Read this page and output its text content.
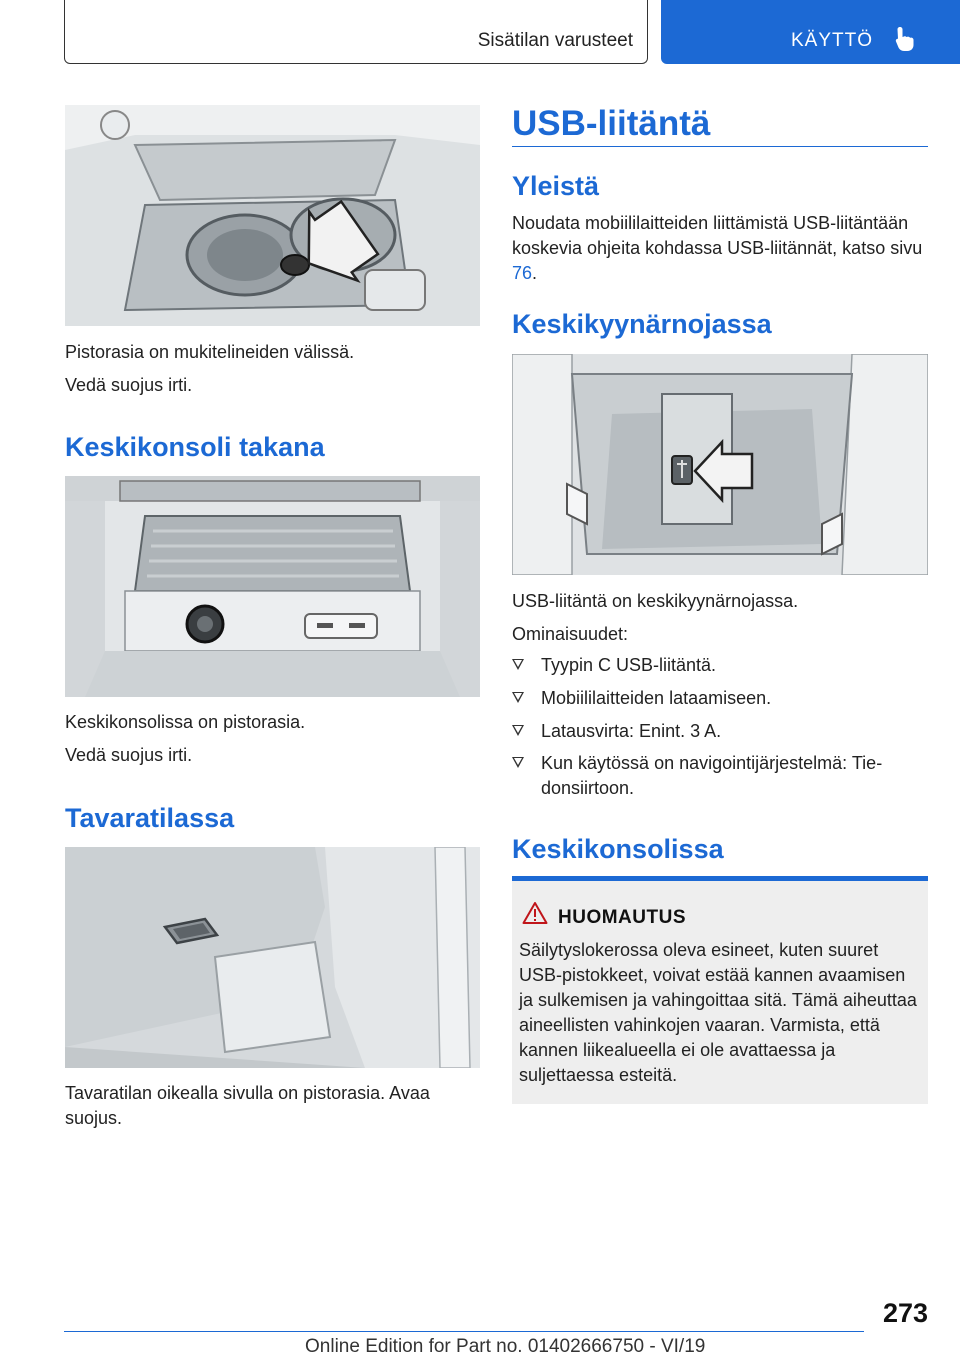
Sisätilan varusteet	KÄYTTÖ

Pistorasia on mukitelineiden välissä.

Vedä suojus irti.

Keskikonsoli takana

Keskikonsolissa on pistorasia.

Vedä suojus irti.

Tavaratilassa

Tavaratilan oikealla sivulla on pistorasia. Avaa suojus.

USB-liitäntä
Yleistä

Noudata mobiililaitteiden liittämistä USB-liitäntään koskevia ohjeita kohdassa USB-liitännät, katso sivu 76.

Keskikyynärnojassa

USB-liitäntä on keskikyynärnojassa.

Ominaisuudet:

Tyypin C USB-liitäntä.
Mobiililaitteiden lataamiseen.
Latausvirta: Enint. 3 A.
Kun käytössä on navigointijärjestelmä: Tiedonsiirtoon.
Keskikonsolissa
HUOMAUTUS
Säilytyslokerossa oleva esineet, kuten suuret USB-pistokkeet, voivat estää kannen avaamisen ja sulkemisen ja vahingoittaa sitä. Tämä aiheuttaa aineellisten vahinkojen vaaran. Varmista, että kannen liikealueella ei ole avattaessa ja suljettaessa esteitä.
273
Online Edition for Part no. 01402666750 - VI/19
